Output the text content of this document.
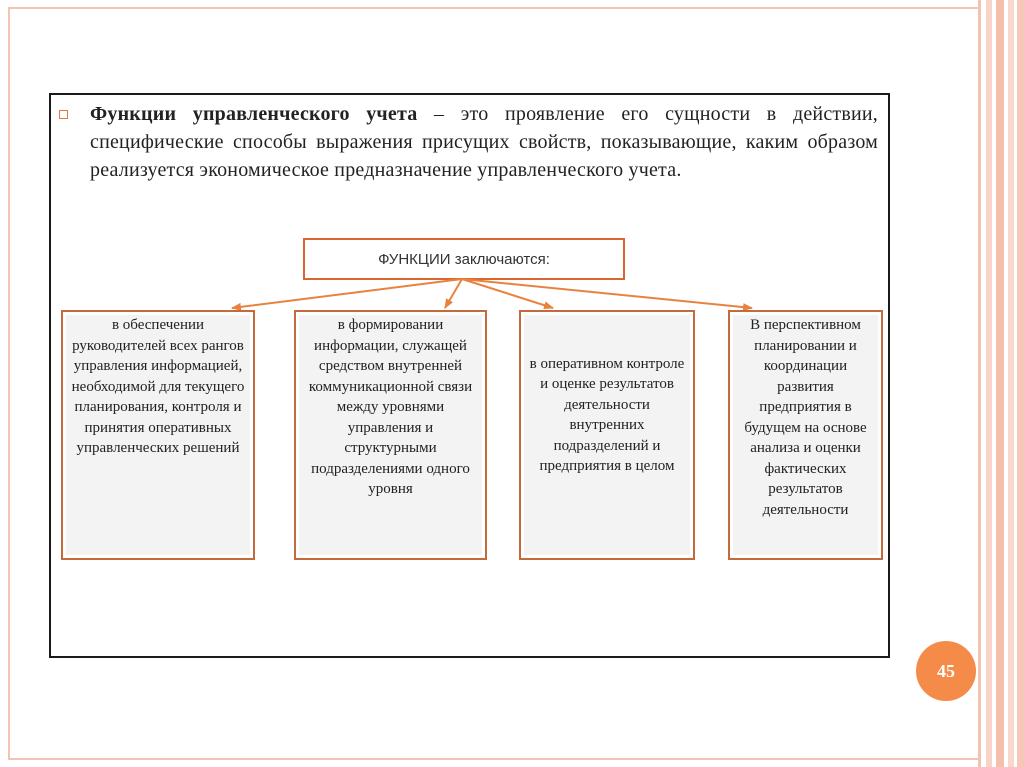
Функции управленческого учета – это проявление его сущности в действии, специфические способы выражения присущих свойств, показывающие, каким образом реализуется экономическое предназначение управленческого учета.
ФУНКЦИИ заключаются:
в обеспечении руководителей всех рангов управления информацией, необходимой для текущего планирования, контроля и принятия оперативных управленческих решений
в формировании информации, служащей средством внутренней коммуникационной связи между уровнями управления и структурными подразделениями одного уровня
в оперативном контроле и оценке результатов деятельности внутренних подразделений и предприятия в целом
В перспективном планировании и координации развития предприятия в будущем на основе анализа и оценки фактических результатов деятельности
45
